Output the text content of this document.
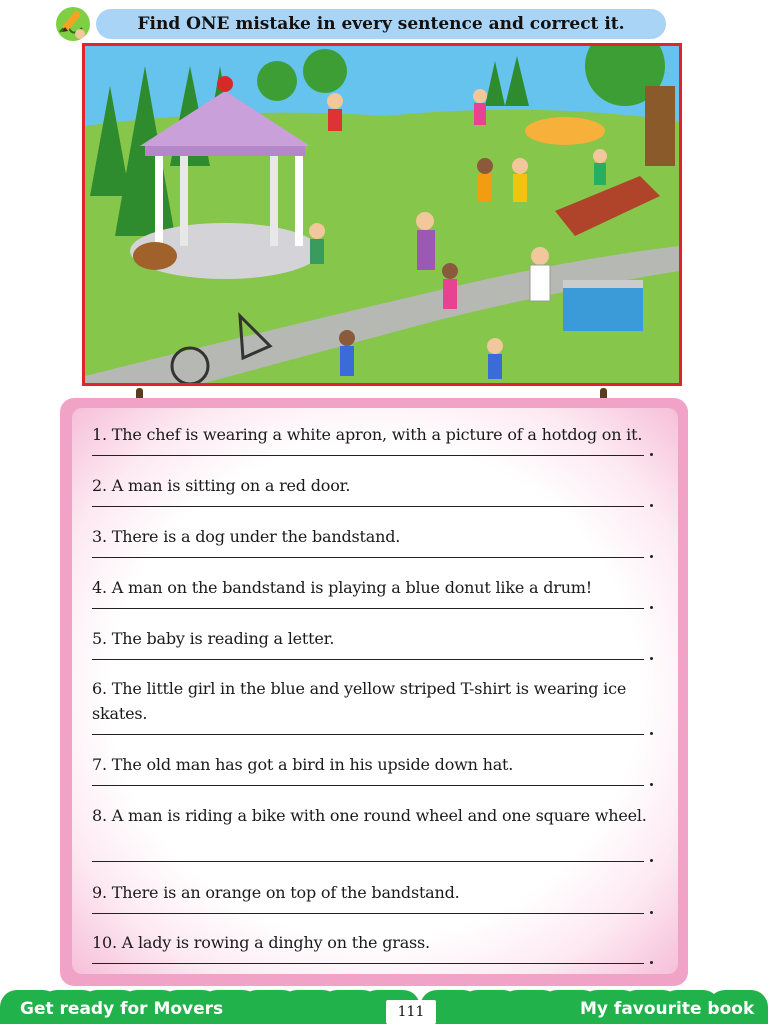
Find ONE mistake in every sentence and correct it.
1. The chef is wearing a white apron, with a picture of a hotdog on it.
2. A man is sitting on a red door.
3. There is a dog under the bandstand.
4. A man on the bandstand is playing a blue donut like a drum!
5. The baby is reading a letter.
6. The little girl in the blue and yellow striped T-shirt is wearing ice skates.
7. The old man has got a bird in his upside down hat.
8. A man is riding a bike with one round wheel and one square wheel.
9. There is an orange on top of the bandstand.
10. A lady is rowing a dinghy on the grass.
Get ready for Movers	My favourite book
111
